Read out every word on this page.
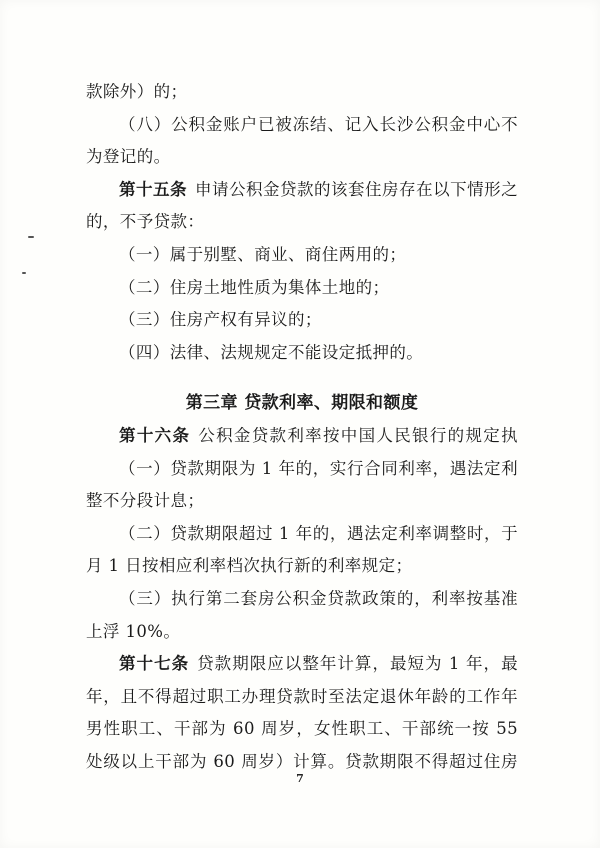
款除外）的；
（八）公积金账户已被冻结、记入长沙公积金中心不
为登记的。
第十五条 申请公积金贷款的该套住房存在以下情形之
的，不予贷款：
（一）属于别墅、商业、商住两用的；
（二）住房土地性质为集体土地的；
（三）住房产权有异议的；
（四）法律、法规规定不能设定抵押的。
第三章 贷款利率、期限和额度
第十六条 公积金贷款利率按中国人民银行的规定执
（一）贷款期限为 1 年的，实行合同利率，遇法定利
整不分段计息；
（二）贷款期限超过 1 年的，遇法定利率调整时，于
月 1 日按相应利率档次执行新的利率规定；
（三）执行第二套房公积金贷款政策的，利率按基准
上浮 10%。
第十七条 贷款期限应以整年计算，最短为 1 年，最
年，且不得超过职工办理贷款时至法定退休年龄的工作年
男性职工、干部为 60 周岁，女性职工、干部统一按 55
处级以上干部为 60 周岁）计算。贷款期限不得超过住房
7
